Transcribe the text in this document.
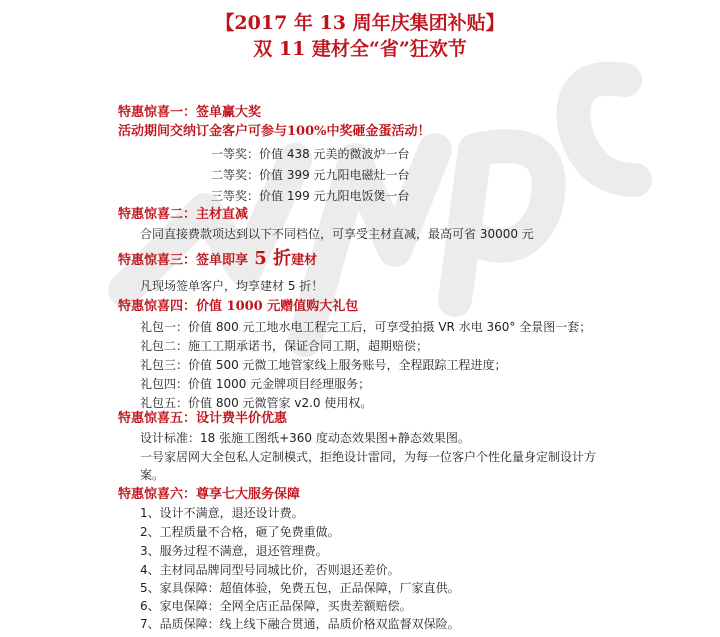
【2017 年 13 周年庆集团补贴】
双 11 建材全“省”狂欢节
特惠惊喜一：签单赢大奖
活动期间交纳订金客户可参与100%中奖砸金蛋活动！
一等奖：价值 438 元美的微波炉一台
二等奖：价值 399 元九阳电磁灶一台
三等奖：价值 199 元九阳电饭煲一台
特惠惊喜二：主材直减
合同直接费款项达到以下不同档位，可享受主材直减，最高可省 30000 元
特惠惊喜三：签单即享 5 折建材
凡现场签单客户，均享建材 5 折！
特惠惊喜四：价值 1000 元赠值购大礼包
礼包一：价值 800 元工地水电工程完工后，可享受拍摄 VR 水电 360° 全景图一套；
礼包二：施工工期承诺书，保证合同工期，超期赔偿；
礼包三：价值 500 元微工地管家线上服务账号，全程跟踪工程进度；
礼包四：价值 1000 元金牌项目经理服务；
礼包五：价值 800 元微管家 v2.0 使用权。
特惠惊喜五：设计费半价优惠
设计标准：18 张施工图纸+360 度动态效果图+静态效果图。
一号家居网大全包私人定制模式，拒绝设计雷同，为每一位客户个性化量身定制设计方案。
特惠惊喜六：尊享七大服务保障
1、设计不满意，退还设计费。
2、工程质量不合格，砸了免费重做。
3、服务过程不满意，退还管理费。
4、主材同品牌同型号同城比价，否则退还差价。
5、家具保障：超值体验，免费五包，正品保障，厂家直供。
6、家电保障：全网全店正品保障，买贵差额赔偿。
7、品质保障：线上线下融合贯通，品质价格双监督双保险。
